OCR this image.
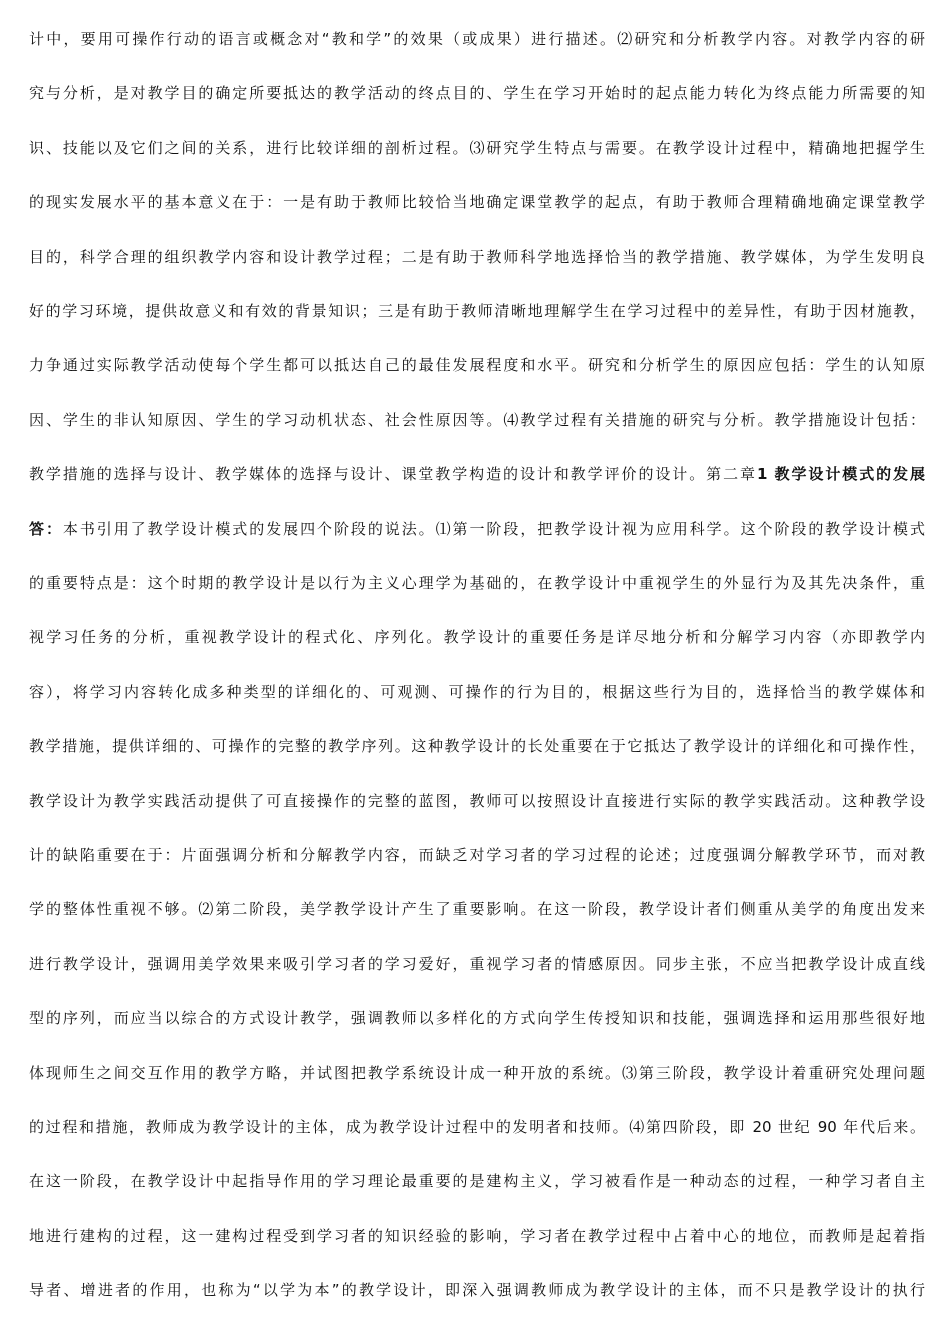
计中，要用可操作行动的语言或概念对“教和学”的效果（或成果）进行描述。⑵研究和分析教学内容。对教学内容的研
究与分析，是对教学目的确定所要抵达的教学活动的终点目的、学生在学习开始时的起点能力转化为终点能力所需要的知
识、技能以及它们之间的关系，进行比较详细的剖析过程。⑶研究学生特点与需要。在教学设计过程中，精确地把握学生
的现实发展水平的基本意义在于：一是有助于教师比较恰当地确定课堂教学的起点，有助于教师合理精确地确定课堂教学
目的，科学合理的组织教学内容和设计教学过程；二是有助于教师科学地选择恰当的教学措施、教学媒体，为学生发明良
好的学习环境，提供故意义和有效的背景知识；三是有助于教师清晰地理解学生在学习过程中的差异性，有助于因材施教，
力争通过实际教学活动使每个学生都可以抵达自己的最佳发展程度和水平。研究和分析学生的原因应包括：学生的认知原
因、学生的非认知原因、学生的学习动机状态、社会性原因等。⑷教学过程有关措施的研究与分析。教学措施设计包括：
教学措施的选择与设计、教学媒体的选择与设计、课堂教学构造的设计和教学评价的设计。第二章1 教学设计模式的发展
答：本书引用了教学设计模式的发展四个阶段的说法。⑴第一阶段，把教学设计视为应用科学。这个阶段的教学设计模式
的重要特点是：这个时期的教学设计是以行为主义心理学为基础的，在教学设计中重视学生的外显行为及其先决条件，重
视学习任务的分析，重视教学设计的程式化、序列化。教学设计的重要任务是详尽地分析和分解学习内容（亦即教学内
容），将学习内容转化成多种类型的详细化的、可观测、可操作的行为目的，根据这些行为目的，选择恰当的教学媒体和
教学措施，提供详细的、可操作的完整的教学序列。这种教学设计的长处重要在于它抵达了教学设计的详细化和可操作性，
教学设计为教学实践活动提供了可直接操作的完整的蓝图，教师可以按照设计直接进行实际的教学实践活动。这种教学设
计的缺陷重要在于：片面强调分析和分解教学内容，而缺乏对学习者的学习过程的论述；过度强调分解教学环节，而对教
学的整体性重视不够。⑵第二阶段，美学教学设计产生了重要影响。在这一阶段，教学设计者们侧重从美学的角度出发来
进行教学设计，强调用美学效果来吸引学习者的学习爱好，重视学习者的情感原因。同步主张，不应当把教学设计成直线
型的序列，而应当以综合的方式设计教学，强调教师以多样化的方式向学生传授知识和技能，强调选择和运用那些很好地
体现师生之间交互作用的教学方略，并试图把教学系统设计成一种开放的系统。⑶第三阶段，教学设计着重研究处理问题
的过程和措施，教师成为教学设计的主体，成为教学设计过程中的发明者和技师。⑷第四阶段，即 20 世纪 90 年代后来。
在这一阶段，在教学设计中起指导作用的学习理论最重要的是建构主义，学习被看作是一种动态的过程，一种学习者自主
地进行建构的过程，这一建构过程受到学习者的知识经验的影响，学习者在教学过程中占着中心的地位，而教师是起着指
导者、增进者的作用，也称为“以学为本”的教学设计，即深入强调教师成为教学设计的主体，而不只是教学设计的执行
